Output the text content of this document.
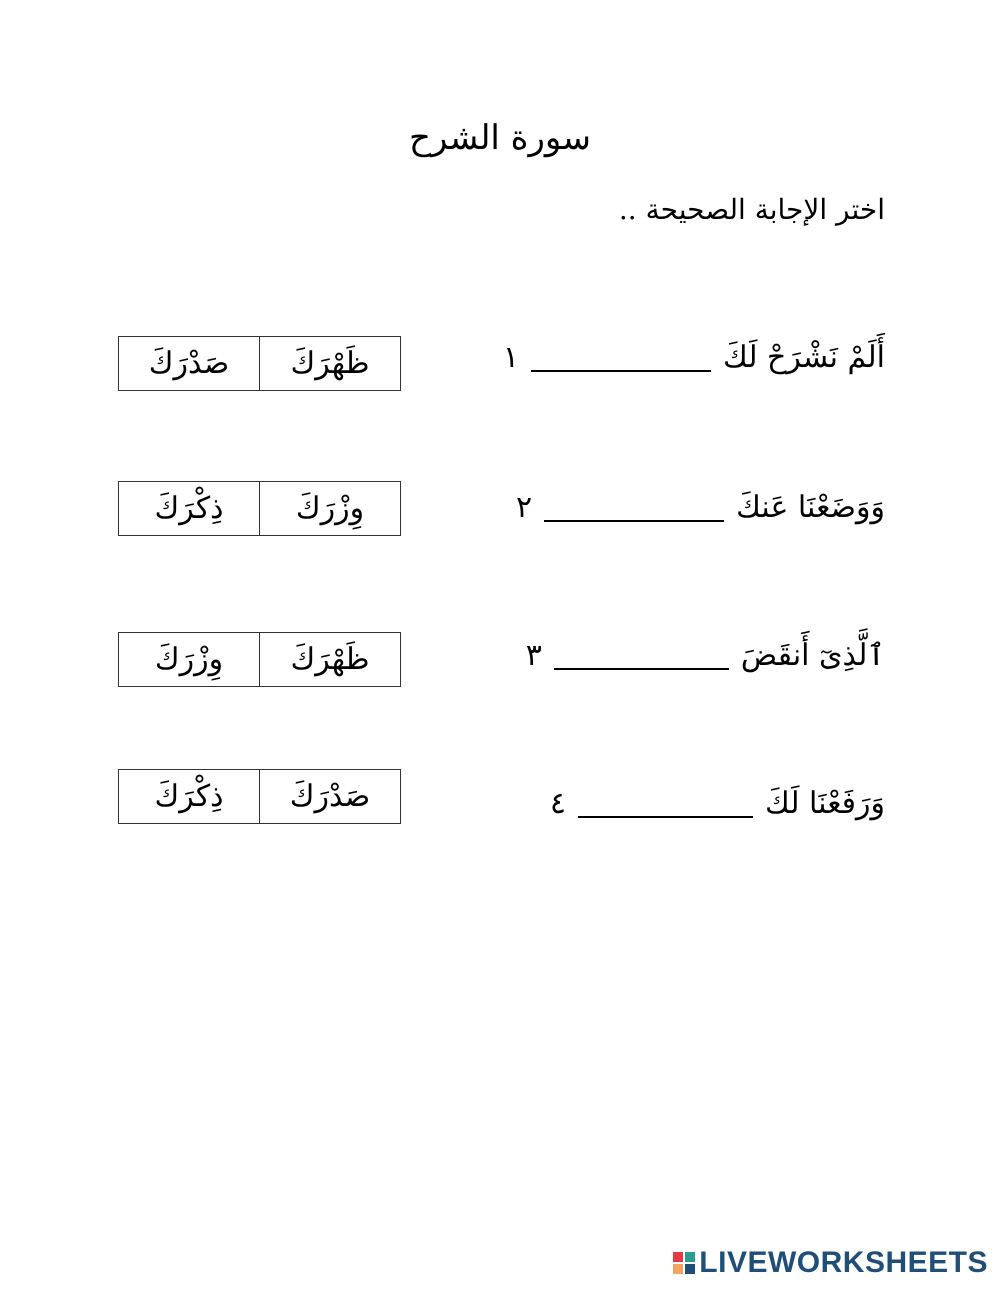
سورة الشرح
اختر الإجابة الصحيحة ..
أَلَمْ نَشْرَحْ لَكَ
١
صَدْرَكَ	ظَهْرَكَ
وَوَضَعْنَا عَنكَ
٢
ذِكْرَكَ	وِزْرَكَ
ٱلَّذِىٓ أَنقَضَ
٣
وِزْرَكَ	ظَهْرَكَ
وَرَفَعْنَا لَكَ
٤
ذِكْرَكَ	صَدْرَكَ
LIVEWORKSHEETS
